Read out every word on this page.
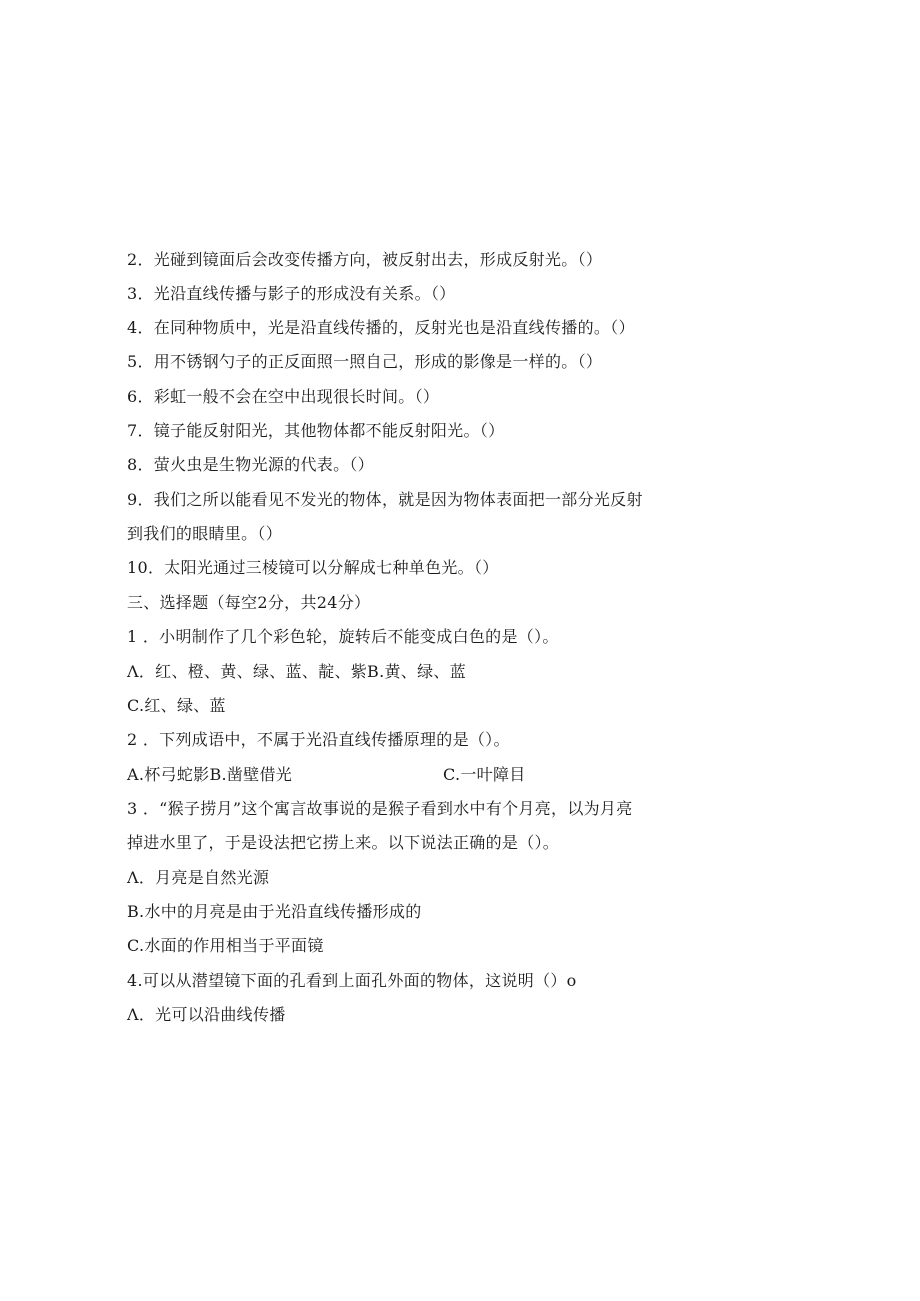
2．光碰到镜面后会改变传播方向，被反射出去，形成反射光。（）
3．光沿直线传播与影子的形成没有关系。（）
4．在同种物质中，光是沿直线传播的，反射光也是沿直线传播的。（）
5．用不锈钢勺子的正反面照一照自己，形成的影像是一样的。（）
6．彩虹一般不会在空中出现很长时间。（）
7．镜子能反射阳光，其他物体都不能反射阳光。（）
8．萤火虫是生物光源的代表。（）
9．我们之所以能看见不发光的物体，就是因为物体表面把一部分光反射
到我们的眼睛里。（）
10．太阳光通过三棱镜可以分解成七种单色光。（）
三、选择题（每空2分，共24分）
1 ．小明制作了几个彩色轮，旋转后不能变成白色的是（）。
Λ．红、橙、黄、绿、蓝、靛、紫B.黄、绿、蓝
C.红、绿、蓝
2 ．下列成语中，不属于光沿直线传播原理的是（）。
A.杯弓蛇影B.凿壁借光	C.一叶障目
3 ．“猴子捞月”这个寓言故事说的是猴子看到水中有个月亮，以为月亮
掉进水里了，于是设法把它捞上来。以下说法正确的是（）。
Λ．月亮是自然光源
B.水中的月亮是由于光沿直线传播形成的
C.水面的作用相当于平面镜
4.可以从潜望镜下面的孔看到上面孔外面的物体，这说明（）o
Λ．光可以沿曲线传播
